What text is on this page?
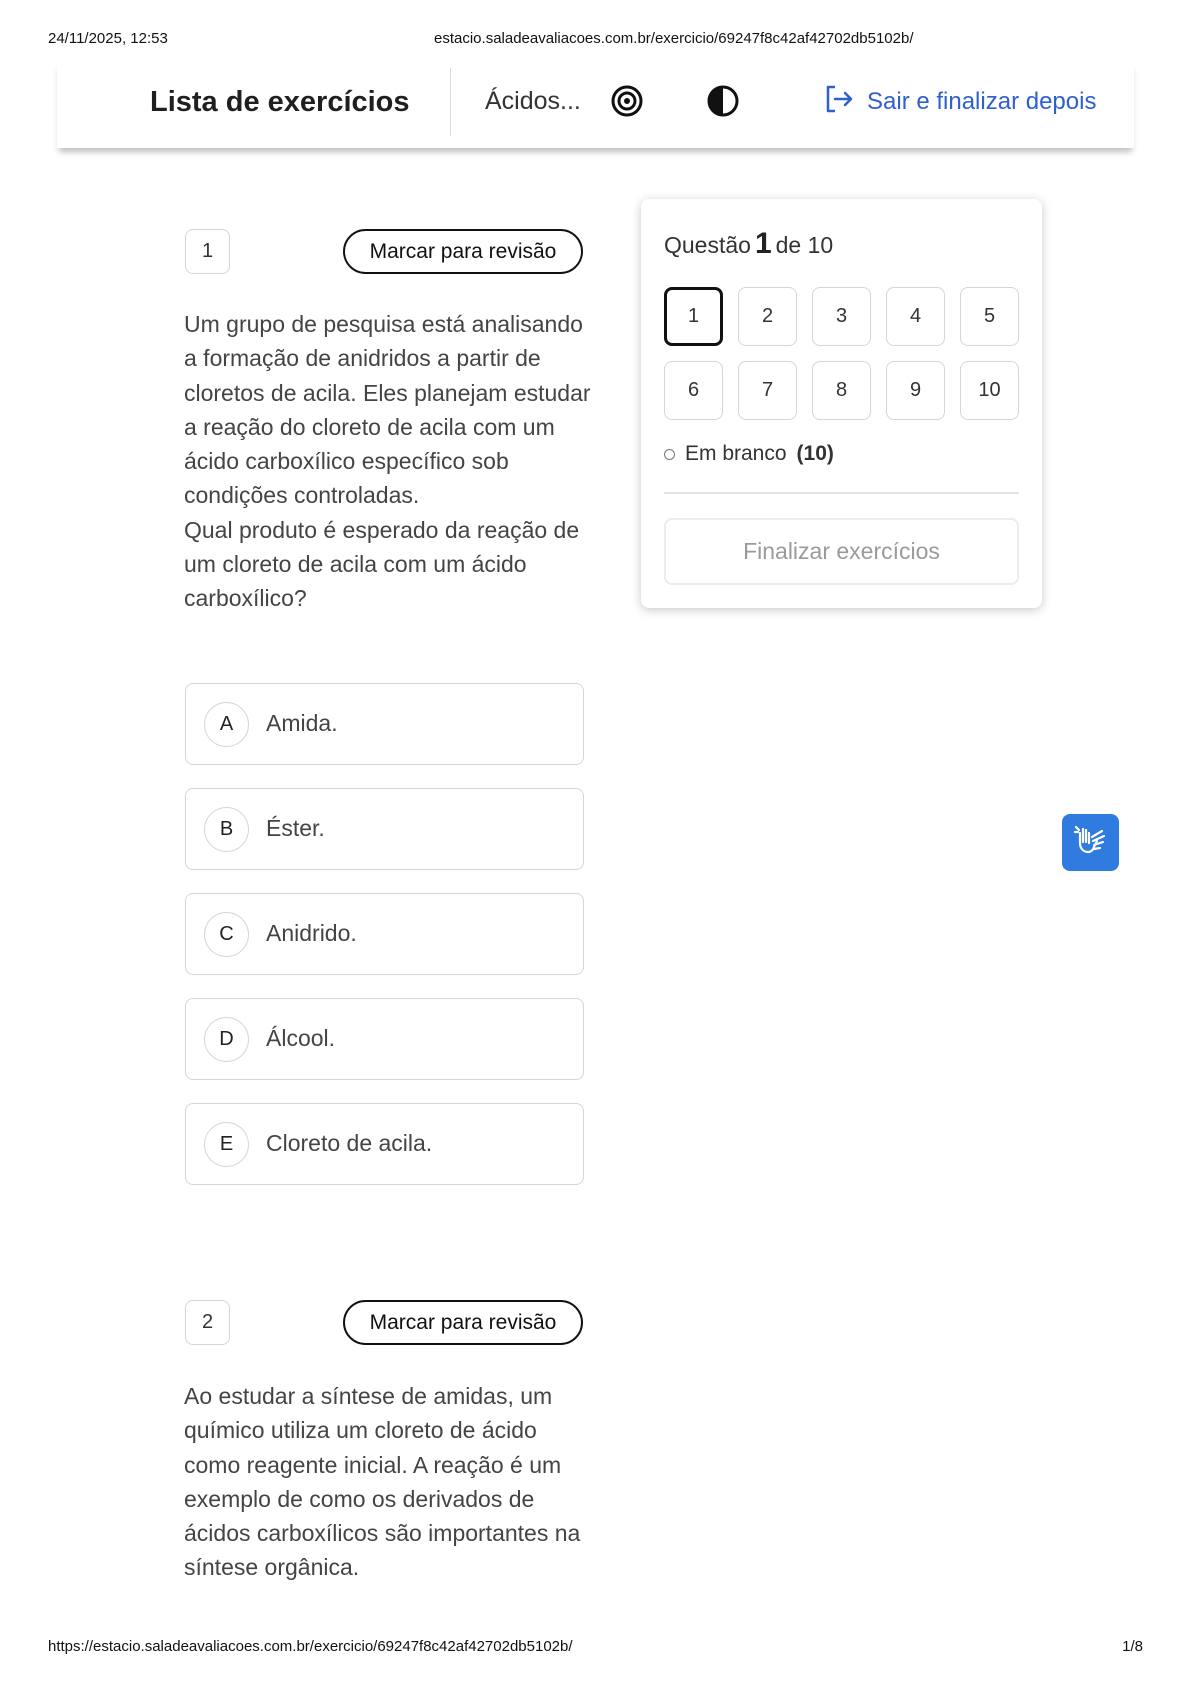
24/11/2025, 12:53	estacio.saladeavaliacoes.com.br/exercicio/69247f8c42af42702db5102b/
Lista de exercícios	Ácidos...	Sair e finalizar depois
1	Marcar para revisão

Um grupo de pesquisa está analisando a formação de anidridos a partir de cloretos de acila. Eles planejam estudar a reação do cloreto de acila com um ácido carboxílico específico sob condições controladas.

Qual produto é esperado da reação de um cloreto de acila com um ácido carboxílico?

A	Amida.
B	Éster.
C	Anidrido.
D	Álcool.
E	Cloreto de acila.
2	Marcar para revisão

Ao estudar a síntese de amidas, um químico utiliza um cloreto de ácido como reagente inicial. A reação é um exemplo de como os derivados de ácidos carboxílicos são importantes na síntese orgânica.

Questão 1 de 10
1	2	3	4	5
6	7	8	9	10
Em branco (10)
Finalizar exercícios
https://estacio.saladeavaliacoes.com.br/exercicio/69247f8c42af42702db5102b/	1/8
